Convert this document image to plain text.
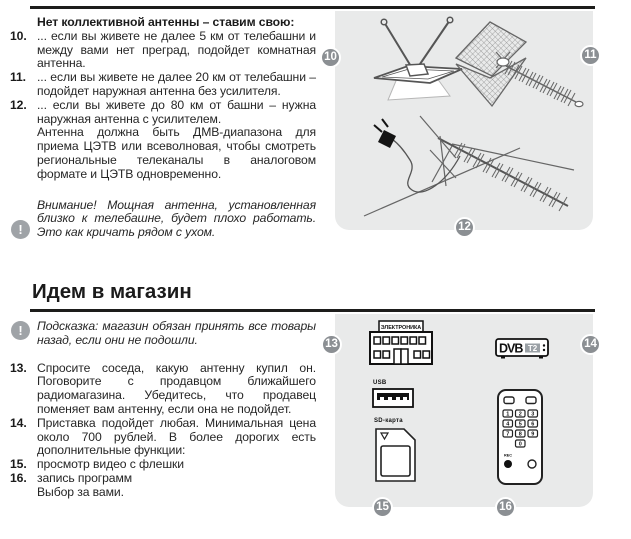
Нет коллективной антенны – ставим свою:

10. ... если вы живете не далее 5 км от телебашни и между вами нет преград, подойдет комнатная антенна.

11. ... если вы живете не далее 20 км от телебашни – подойдет наружная антенна без усилителя.

12. ... если вы живете до 80 км от башни – нужна наружная антенна с усилителем.

Антенна должна быть ДМВ-диапазона для приема ЦЭТВ или всеволновая, чтобы смотреть региональные телеканалы в аналоговом формате и ЦЭТВ одновременно.

!
Внимание! Мощная антенна, установленная близко к телебашне, будет плохо работать. Это как кричать рядом с ухом.

Идем в магазин

!	Подсказка: магазин обязан принять все товары назад, если они не подошли.

13. Спросите соседа, какую антенну купил он. Поговорите с продавцом ближайшего радиомагазина. Убедитесь, что продавец поменяет вам антенну, если она не подойдет.

14. Приставка подойдет любая. Минимальная цена около 700 рублей. В более дорогих есть дополнительные функции:

15. просмотр видео с флешки

16. запись программ

Выбор за вами.

ЭЛЕКТРОНИКА
USB
SD-карта
DVB T2
1 2 3
4 5 6
7 8 9
0
REC
10	11
12
13	14
15	16
